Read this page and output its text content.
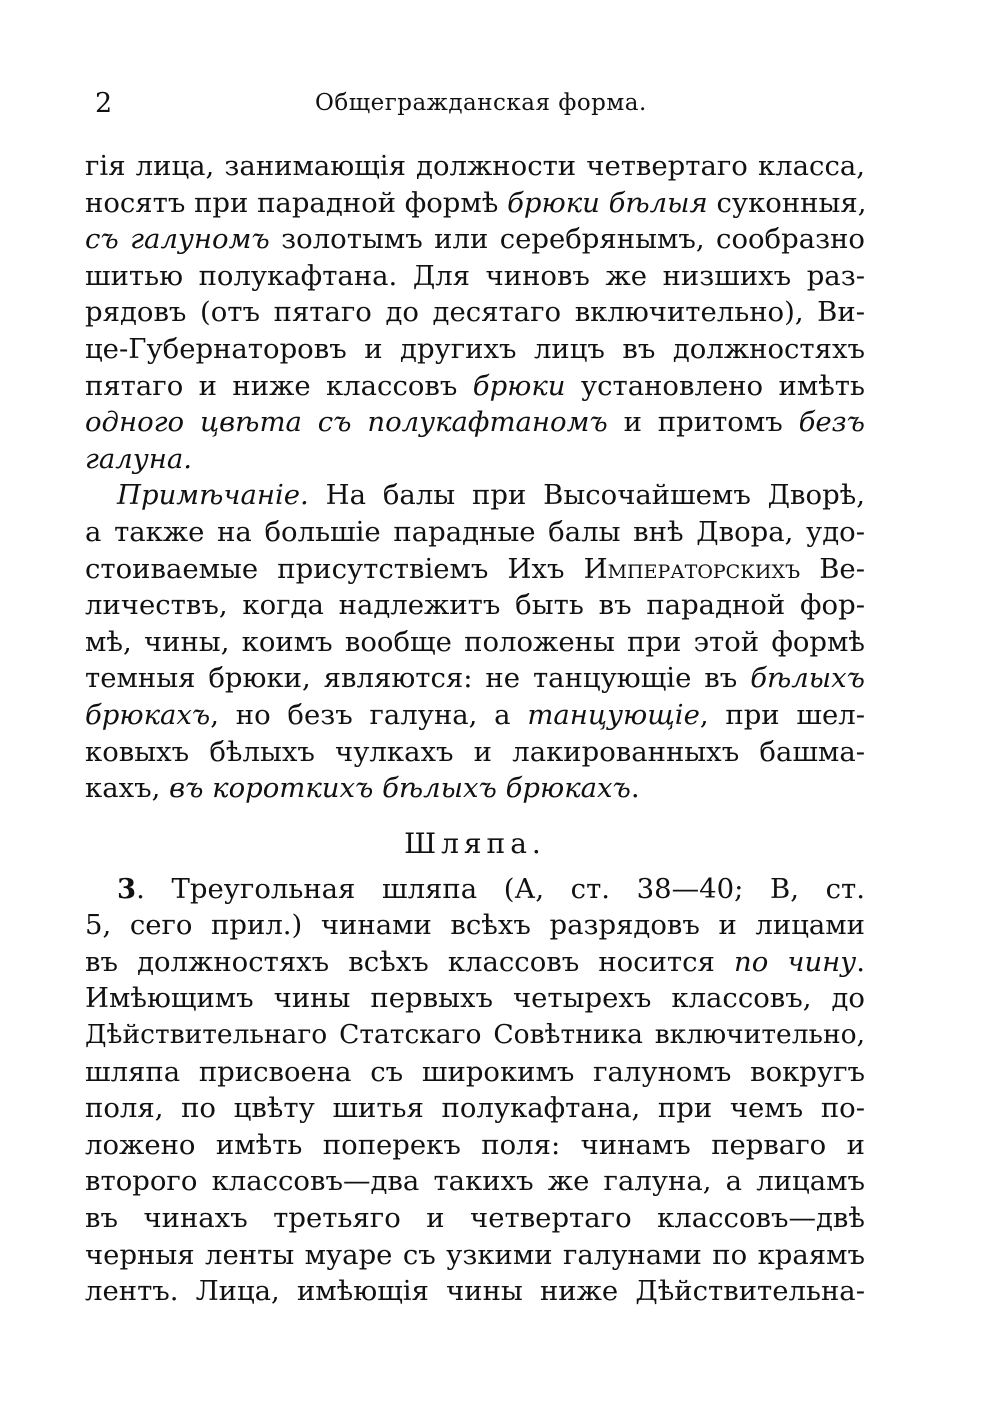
2	Общегражданская форма.
гія лица, занимающія должности четвертаго класса,
носятъ при парадной формѣ брюки бѣлыя суконныя,
съ галуномъ золотымъ или серебрянымъ, сообразно
шитью полукафтана. Для чиновъ же низшихъ раз-
рядовъ (отъ пятаго до десятаго включительно), Ви-
це-Губернаторовъ и другихъ лицъ въ должностяхъ
пятаго и ниже классовъ брюки установлено имѣть
одного цвѣта съ полукафтаномъ и притомъ безъ
галуна.
Примѣчаніе. На балы при Высочайшемъ Дворѣ,
а также на большіе парадные балы внѣ Двора, удо-
стоиваемые присутствіемъ Ихъ Императорскихъ Ве-
личествъ, когда надлежитъ быть въ парадной фор-
мѣ, чины, коимъ вообще положены при этой формѣ
темныя брюки, являются: не танцующіе въ бѣлыхъ
брюкахъ, но безъ галуна, а танцующіе, при шел-
ковыхъ бѣлыхъ чулкахъ и лакированныхъ башма-
кахъ, въ короткихъ бѣлыхъ брюкахъ.
Шляпа.
3. Треугольная шляпа (А, ст. 38—40; В, ст.
5, сего прил.) чинами всѣхъ разрядовъ и лицами
въ должностяхъ всѣхъ классовъ носится по чину.
Имѣющимъ чины первыхъ четырехъ классовъ, до
Дѣйствительнаго Статскаго Совѣтника включительно,
шляпа присвоена съ широкимъ галуномъ вокругъ
поля, по цвѣту шитья полукафтана, при чемъ по-
ложено имѣть поперекъ поля: чинамъ перваго и
второго классовъ—два такихъ же галуна, а лицамъ
въ чинахъ третьяго и четвертаго классовъ—двѣ
черныя ленты муаре съ узкими галунами по краямъ
лентъ. Лица, имѣющія чины ниже Дѣйствительна-
